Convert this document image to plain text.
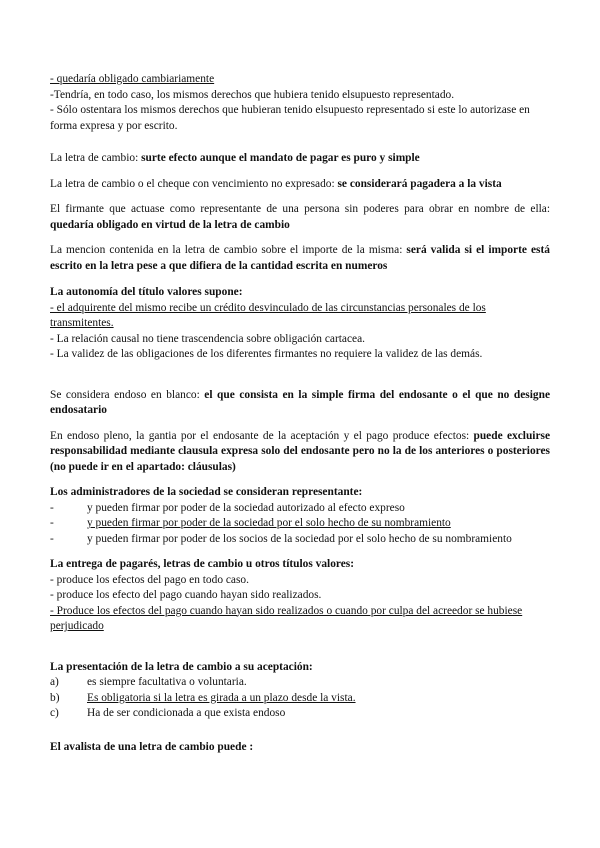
- quedaría obligado cambiariamente

-Tendría, en todo caso, los mismos derechos que hubiera tenido elsupuesto representado.

- Sólo ostentara los mismos derechos que hubieran tenido elsupuesto representado si este lo autorizase en forma expresa y por escrito.

La letra de cambio: surte efecto aunque el mandato de pagar es puro y simple

La letra de cambio o el cheque con vencimiento no expresado: se considerará pagadera a la vista

El firmante que actuase como representante de una persona sin poderes para obrar en nombre de ella: quedaría obligado en virtud de la letra de cambio

La mencion contenida en la letra de cambio sobre el importe de la misma: será valida si el importe está escrito en la letra pese a que difiera de la cantidad escrita en numeros

La autonomía del título valores supone:

- el adquirente del mismo recibe un crédito desvinculado de las circunstancias personales de los transmitentes.

- La relación causal no tiene trascendencia sobre obligación cartacea.

- La validez de las obligaciones de los diferentes firmantes no requiere la validez de las demás.

Se considera endoso en blanco: el que consista en la simple firma del endosante o el que no designe endosatario

En endoso pleno, la gantia por el endosante de la aceptación y el pago produce efectos: puede excluirse responsabilidad mediante clausula expresa solo del endosante pero no la de los anteriores o posteriores (no puede ir en el apartado: cláusulas)

Los administradores de la sociedad se consideran representante:

-	y pueden firmar por poder de la sociedad autorizado al efecto expreso
-	y pueden firmar por poder de la sociedad por el solo hecho de su nombramiento
-	y pueden firmar por poder de los socios de la sociedad por el solo hecho de su nombramiento

La entrega de pagarés, letras de cambio u otros títulos valores:

- produce los efectos del pago en todo caso.

- produce los efecto del pago cuando hayan sido realizados.

- Produce los efectos del pago cuando hayan sido realizados o cuando por culpa del acreedor se hubiese perjudicado

La presentación de la letra de cambio a su aceptación:

a)	es siempre facultativa o voluntaria.
b)	Es obligatoria si la letra es girada a un plazo desde la vista.
c)	Ha de ser condicionada a que exista endoso

El avalista de una letra de cambio puede :
